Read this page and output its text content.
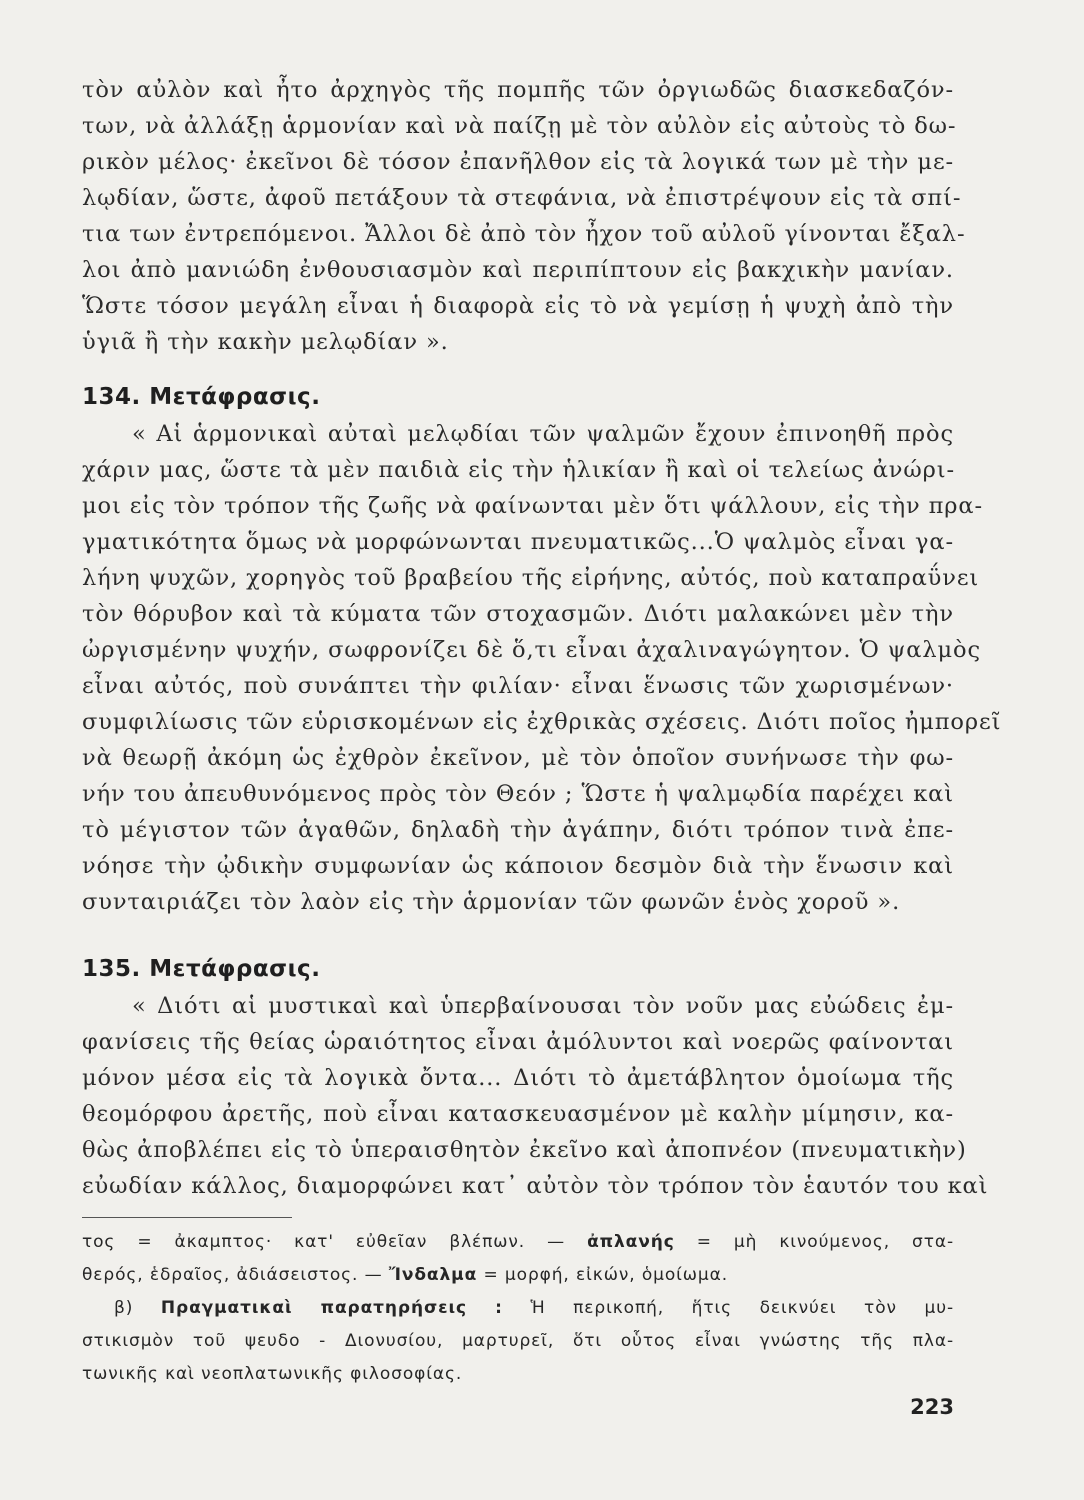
τὸν αὐλὸν καὶ ἦτο ἀρχηγὸς τῆς πομπῆς τῶν ὀργιωδῶς διασκεδαζόν-
των, νὰ ἀλλάξῃ ἁρμονίαν καὶ νὰ παίζῃ μὲ τὸν αὐλὸν εἰς αὐτοὺς τὸ δω-
ρικὸν μέλος· ἐκεῖνοι δὲ τόσον ἐπανῆλθον εἰς τὰ λογικά των μὲ τὴν με-
λῳδίαν, ὥστε, ἀφοῦ πετάξουν τὰ στεφάνια, νὰ ἐπιστρέψουν εἰς τὰ σπί-
τια των ἐντρεπόμενοι. Ἄλλοι δὲ ἀπὸ τὸν ἦχον τοῦ αὐλοῦ γίνονται ἔξαλ-
λοι ἀπὸ μανιώδη ἐνθουσιασμὸν καὶ περιπίπτουν εἰς βακχικὴν μανίαν.
Ὥστε τόσον μεγάλη εἶναι ἡ διαφορὰ εἰς τὸ νὰ γεμίσῃ ἡ ψυχὴ ἀπὸ τὴν
ὑγιᾶ ἢ τὴν κακὴν μελῳδίαν ».
134. Μετάφρασις.
« Αἱ ἁρμονικαὶ αὐταὶ μελῳδίαι τῶν ψαλμῶν ἔχουν ἐπινοηθῆ πρὸς
χάριν μας, ὥστε τὰ μὲν παιδιὰ εἰς τὴν ἡλικίαν ἢ καὶ οἱ τελείως ἀνώρι-
μοι εἰς τὸν τρόπον τῆς ζωῆς νὰ φαίνωνται μὲν ὅτι ψάλλουν, εἰς τὴν πρα-
γματικότητα ὅμως νὰ μορφώνωνται πνευματικῶς...Ὁ ψαλμὸς εἶναι γα-
λήνη ψυχῶν, χορηγὸς τοῦ βραβείου τῆς εἰρήνης, αὐτός, ποὺ καταπραΰνει
τὸν θόρυβον καὶ τὰ κύματα τῶν στοχασμῶν. Διότι μαλακώνει μὲν τὴν
ὠργισμένην ψυχήν, σωφρονίζει δὲ ὅ,τι εἶναι ἀχαλιναγώγητον. Ὁ ψαλμὸς
εἶναι αὐτός, ποὺ συνάπτει τὴν φιλίαν· εἶναι ἕνωσις τῶν χωρισμένων·
συμφιλίωσις τῶν εὑρισκομένων εἰς ἐχθρικὰς σχέσεις. Διότι ποῖος ἠμπορεῖ
νὰ θεωρῇ ἀκόμη ὡς ἐχθρὸν ἐκεῖνον, μὲ τὸν ὁποῖον συνήνωσε τὴν φω-
νήν του ἀπευθυνόμενος πρὸς τὸν Θεόν ; Ὥστε ἡ ψαλμῳδία παρέχει καὶ
τὸ μέγιστον τῶν ἀγαθῶν, δηλαδὴ τὴν ἀγάπην, διότι τρόπον τινὰ ἐπε-
νόησε τὴν ᾠδικὴν συμφωνίαν ὡς κάποιον δεσμὸν διὰ τὴν ἕνωσιν καὶ
συνταιριάζει τὸν λαὸν εἰς τὴν ἁρμονίαν τῶν φωνῶν ἑνὸς χοροῦ ».
135. Μετάφρασις.
« Διότι αἱ μυστικαὶ καὶ ὑπερβαίνουσαι τὸν νοῦν μας εὐώδεις ἐμ-
φανίσεις τῆς θείας ὡραιότητος εἶναι ἀμόλυντοι καὶ νοερῶς φαίνονται
μόνον μέσα εἰς τὰ λογικὰ ὄντα... Διότι τὸ ἀμετάβλητον ὁμοίωμα τῆς
θεομόρφου ἀρετῆς, ποὺ εἶναι κατασκευασμένον μὲ καλὴν μίμησιν, κα-
θὼς ἀποβλέπει εἰς τὸ ὑπεραισθητὸν ἐκεῖνο καὶ ἀποπνέον (πνευματικὴν)
εὐωδίαν κάλλος, διαμορφώνει κατ᾽ αὐτὸν τὸν τρόπον τὸν ἑαυτόν του καὶ
τος = ἀκαμπτος· κατ' εὐθεῖαν βλέπων. — ἀπλανής = μὴ κινούμενος, στα-
θερός, ἑδραῖος, ἀδιάσειστος. — Ἴνδαλμα = μορφή, εἰκών, ὁμοίωμα.
β) Πραγματικαὶ παρατηρήσεις : Ἡ περικοπή, ἥτις δεικνύει τὸν μυ-
στικισμὸν τοῦ ψευδο - Διονυσίου, μαρτυρεῖ, ὅτι οὗτος εἶναι γνώστης τῆς πλα-
τωνικῆς καὶ νεοπλατωνικῆς φιλοσοφίας.
223
